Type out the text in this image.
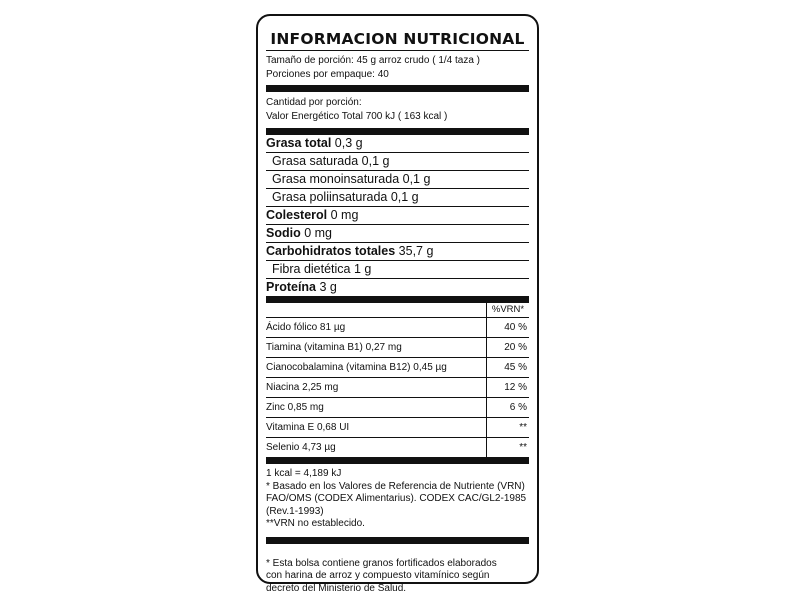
INFORMACION NUTRICIONAL
Tamaño de porción: 45 g arroz crudo ( 1/4 taza )
Porciones por empaque: 40
Cantidad por porción:
Valor Energético Total 700 kJ ( 163 kcal )
Grasa total 0,3 g
Grasa saturada 0,1 g
Grasa monoinsaturada 0,1 g
Grasa poliinsaturada 0,1 g
Colesterol 0 mg
Sodio 0 mg
Carbohidratos totales 35,7 g
Fibra dietética 1 g
Proteína 3 g
%VRN*
Ácido fólico 81 µg	40 %
Tiamina (vitamina B1) 0,27 mg	20 %
Cianocobalamina (vitamina B12) 0,45 µg	45 %
Niacina 2,25 mg	12 %
Zinc 0,85 mg	6 %
Vitamina E 0,68 UI	**
Selenio 4,73 µg	**
1 kcal = 4,189 kJ
* Basado en los Valores de Referencia de Nutriente (VRN)
FAO/OMS (CODEX Alimentarius). CODEX CAC/GL2-1985
(Rev.1-1993)
**VRN no establecido.
* Esta bolsa contiene granos fortificados elaborados
con harina de arroz y compuesto vitamínico según
decreto del Ministerio de Salud.
